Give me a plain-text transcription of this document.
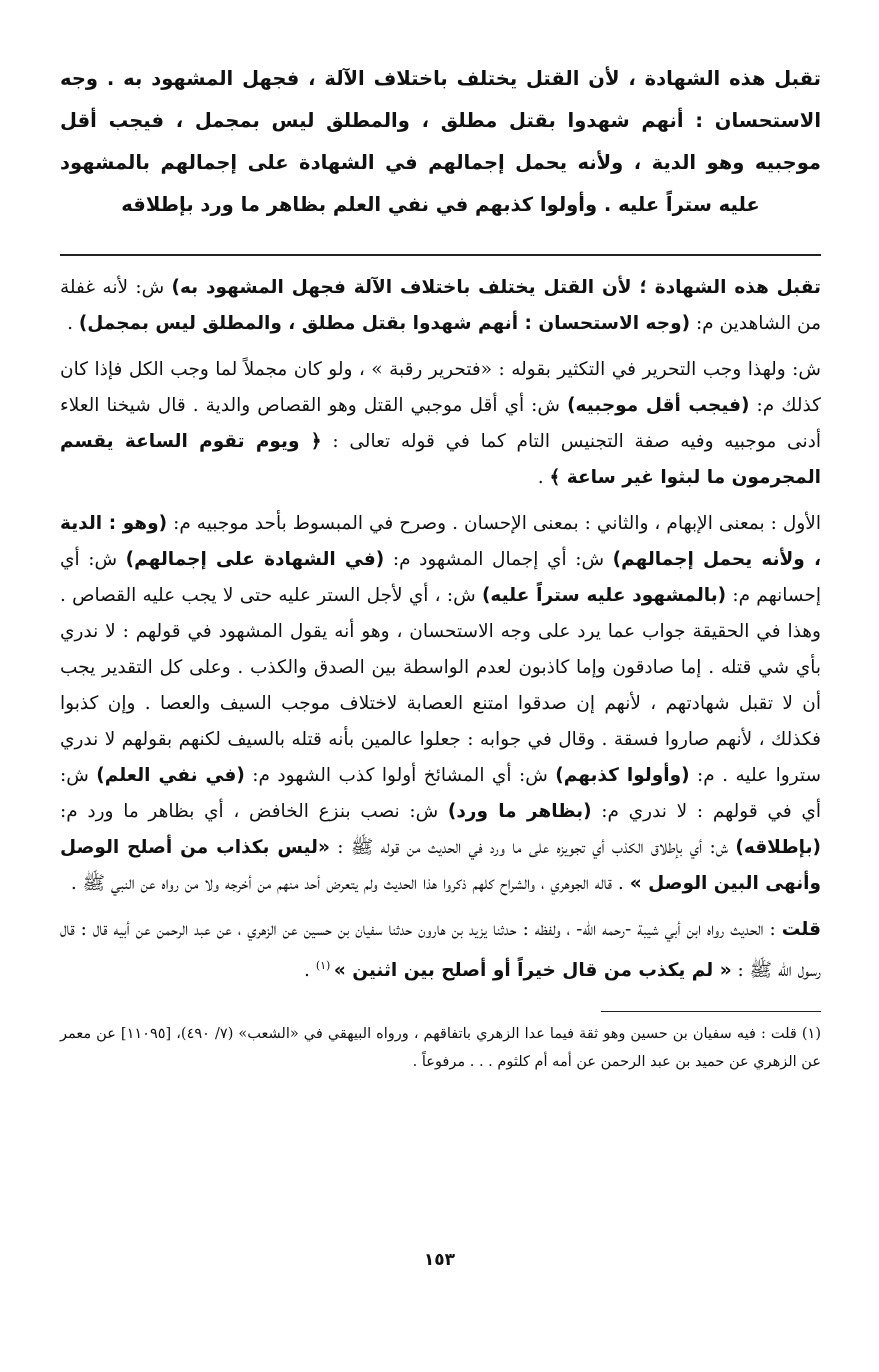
تقبل هذه الشهادة ، لأن القتل يختلف باختلاف الآلة ، فجهل المشهود به . وجه الاستحسان : أنهم شهدوا بقتل مطلق ، والمطلق ليس بمجمل ، فيجب أقل موجبيه وهو الدية ، ولأنه يحمل إجمالهم في الشهادة على إجمالهم بالمشهود عليه ستراً عليه . وأولوا كذبهم في نفي العلم بظاهر ما ورد بإطلاقه

تقبل هذه الشهادة ؛ لأن القتل يختلف باختلاف الآلة فجهل المشهود به) ش: لأنه غفلة من الشاهدين م: (وجه الاستحسان : أنهم شهدوا بقتل مطلق ، والمطلق ليس بمجمل) .

ش: ولهذا وجب التحرير في التكثير بقوله : «فتحرير رقبة » ، ولو كان مجملاً لما وجب الكل فإذا كان كذلك م: (فيجب أقل موجبيه) ش: أي أقل موجبي القتل وهو القصاص والدية . قال شيخنا العلاء أدنى موجبيه وفيه صفة التجنيس التام كما في قوله تعالى : ﴿ ويوم تقوم الساعة يقسم المجرمون ما لبثوا غير ساعة ﴾ .

الأول : بمعنى الإبهام ، والثاني : بمعنى الإحسان . وصرح في المبسوط بأحد موجبيه م: (وهو : الدية ، ولأنه يحمل إجمالهم) ش: أي إجمال المشهود م: (في الشهادة على إجمالهم) ش: أي إحسانهم م: (بالمشهود عليه ستراً عليه) ش: ، أي لأجل الستر عليه حتى لا يجب عليه القصاص . وهذا في الحقيقة جواب عما يرد على وجه الاستحسان ، وهو أنه يقول المشهود في قولهم : لا ندري بأي شي قتله . إما صادقون وإما كاذبون لعدم الواسطة بين الصدق والكذب . وعلى كل التقدير يجب أن لا تقبل شهادتهم ، لأنهم إن صدقوا امتنع العصابة لاختلاف موجب السيف والعصا . وإن كذبوا فكذلك ، لأنهم صاروا فسقة . وقال في جوابه : جعلوا عالمين بأنه قتله بالسيف لكنهم بقولهم لا ندري ستروا عليه . م: (وأولوا كذبهم) ش: أي المشائخ أولوا كذب الشهود م: (في نفي العلم) ش: أي في قولهم : لا ندري م: (بظاهر ما ورد) ش: نصب بنزع الخافض ، أي بظاهر ما ورد م: (بإطلاقه) ش: أي بإطلاق الكذب أي تجويزه على ما ورد في الحديث من قوله ﷺ : «ليس بكذاب من أصلح الوصل وأنهى البين الوصل » . قاله الجوهري ، والشراح كلهم ذكروا هذا الحديث ولم يتعرض أحد منهم من أخرجه ولا من رواه عن النبي ﷺ .

قلت : الحديث رواه ابن أبي شيبة -رحمه الله- ، ولفظه : حدثنا يزيد بن هارون حدثنا سفيان بن حسين عن الزهري ، عن عبد الرحمن عن أبيه قال : قال رسول الله ﷺ : « لم يكذب من قال خيراً أو أصلح بين اثنين » $^{(١)}$ .

(١) قلت : فيه سفيان بن حسين وهو ثقة فيما عدا الزهري باتفاقهم ، ورواه البيهقي في «الشعب» (٧/ ٤٩٠)، [١١٠٩٥] عن معمر عن الزهري عن حميد بن عبد الرحمن عن أمه أم كلثوم . . . مرفوعاً .

١٥٣
